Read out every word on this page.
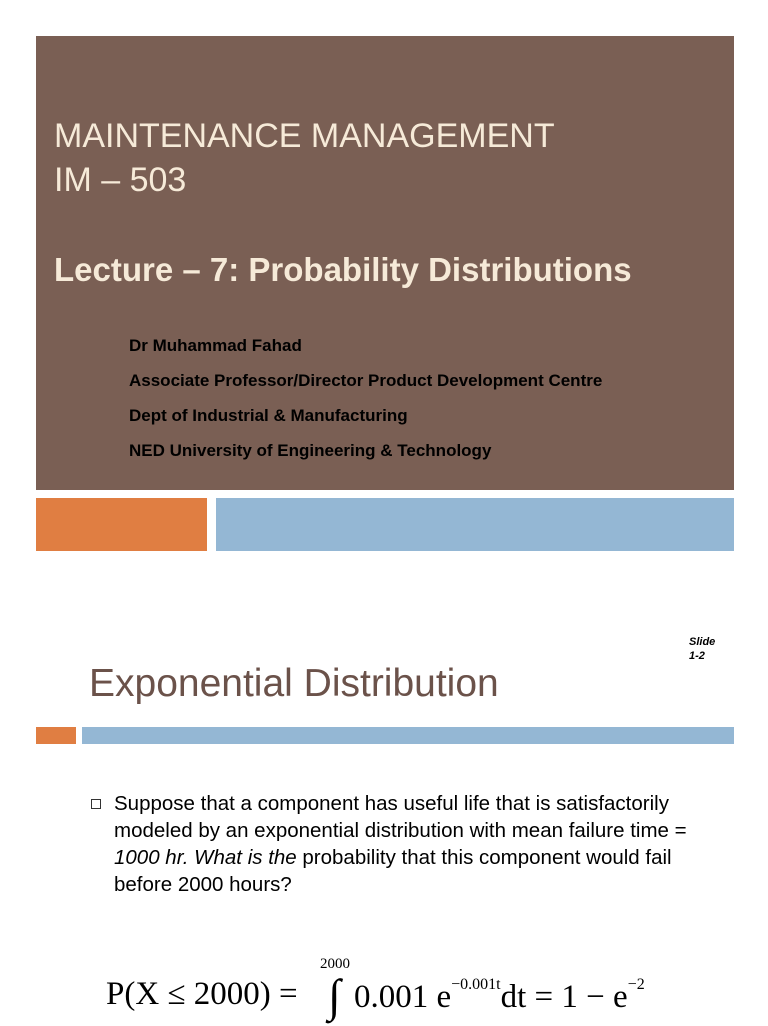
MAINTENANCE MANAGEMENT
IM – 503
Lecture – 7: Probability Distributions
Dr Muhammad Fahad
Associate Professor/Director Product Development Centre
Dept of Industrial & Manufacturing
NED University of Engineering & Technology
Slide
1-2
Exponential Distribution
Suppose that a component has useful life that is satisfactorily modeled by an exponential distribution with mean failure time = 1000 hr. What is the probability that this component would fail before 2000 hours?
P(X ≤ 2000) =
2000
∫ 0.001 $e^{-0.001t}dt = 1 - e^{-2}$
